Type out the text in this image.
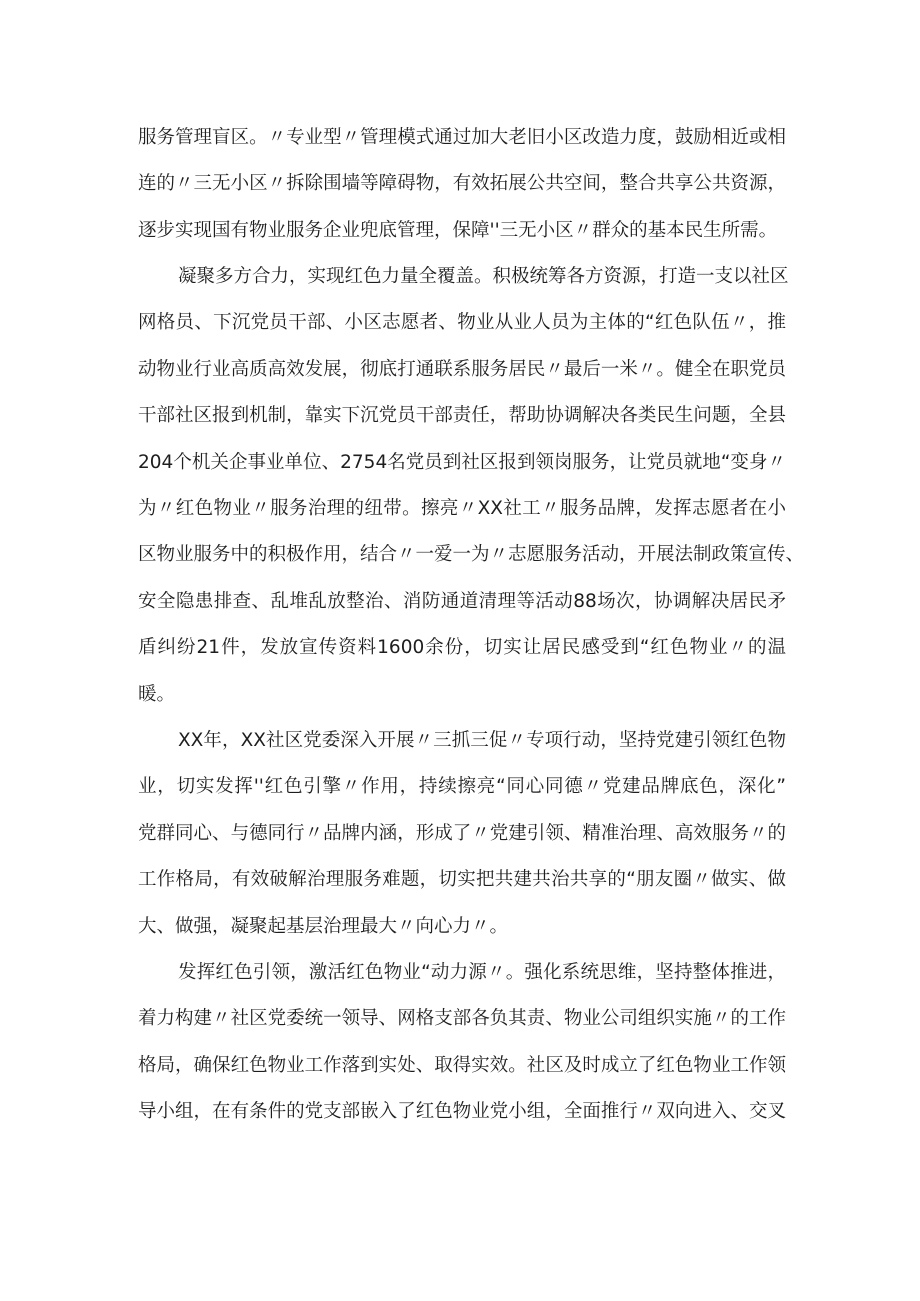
服务管理盲区。〃专业型〃管理模式通过加大老旧小区改造力度，鼓励相近或相
连的〃三无小区〃拆除围墙等障碍物，有效拓展公共空间，整合共享公共资源，
逐步实现国有物业服务企业兜底管理，保障''三无小区〃群众的基本民生所需。
凝聚多方合力，实现红色力量全覆盖。积极统筹各方资源，打造一支以社区
网格员、下沉党员干部、小区志愿者、物业从业人员为主体的“红色队伍〃，推
动物业行业高质高效发展，彻底打通联系服务居民〃最后一米〃。健全在职党员
干部社区报到机制，靠实下沉党员干部责任，帮助协调解决各类民生问题，全县
204个机关企事业单位、2754名党员到社区报到领岗服务，让党员就地“变身〃
为〃红色物业〃服务治理的纽带。擦亮〃XX社工〃服务品牌，发挥志愿者在小
区物业服务中的积极作用，结合〃一爱一为〃志愿服务活动，开展法制政策宣传、
安全隐患排查、乱堆乱放整治、消防通道清理等活动88场次，协调解决居民矛
盾纠纷21件，发放宣传资料1600余份，切实让居民感受到“红色物业〃的温
暖。
XX年，XX社区党委深入开展〃三抓三促〃专项行动，坚持党建引领红色物
业，切实发挥''红色引擎〃作用，持续擦亮“同心同德〃党建品牌底色，深化”
党群同心、与德同行〃品牌内涵，形成了〃党建引领、精准治理、高效服务〃的
工作格局，有效破解治理服务难题，切实把共建共治共享的“朋友圈〃做实、做
大、做强，凝聚起基层治理最大〃向心力〃。
发挥红色引领，激活红色物业“动力源〃。强化系统思维，坚持整体推进，
着力构建〃社区党委统一领导、网格支部各负其责、物业公司组织实施〃的工作
格局，确保红色物业工作落到实处、取得实效。社区及时成立了红色物业工作领
导小组，在有条件的党支部嵌入了红色物业党小组，全面推行〃双向进入、交叉
